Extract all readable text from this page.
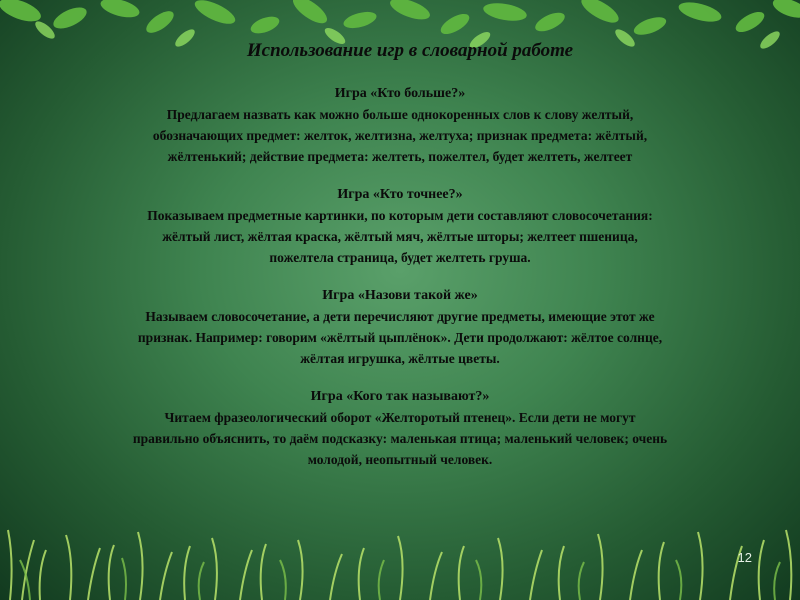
Использование игр в словарной работе
Игра «Кто больше?»
Предлагаем назвать как можно больше однокоренных слов к слову желтый,
обозначающих предмет: желток, желтизна, желтуха; признак предмета: жёлтый,
жёлтенький; действие предмета: желтеть, пожелтел, будет желтеть, желтеет
Игра «Кто точнее?»
Показываем предметные картинки, по которым дети составляют словосочетания:
жёлтый лист, жёлтая краска, жёлтый мяч, жёлтые шторы; желтеет пшеница,
пожелтела страница, будет желтеть груша.
Игра «Назови такой же»
Называем словосочетание, а дети перечисляют другие предметы, имеющие этот же
признак. Например: говорим «жёлтый цыплёнок». Дети продолжают: жёлтое солнце,
жёлтая игрушка, жёлтые цветы.
Игра «Кого так называют?»
Читаем фразеологический оборот «Желторотый птенец». Если дети не могут
правильно объяснить, то даём подсказку: маленькая птица; маленький человек; очень
молодой, неопытный человек.
12
